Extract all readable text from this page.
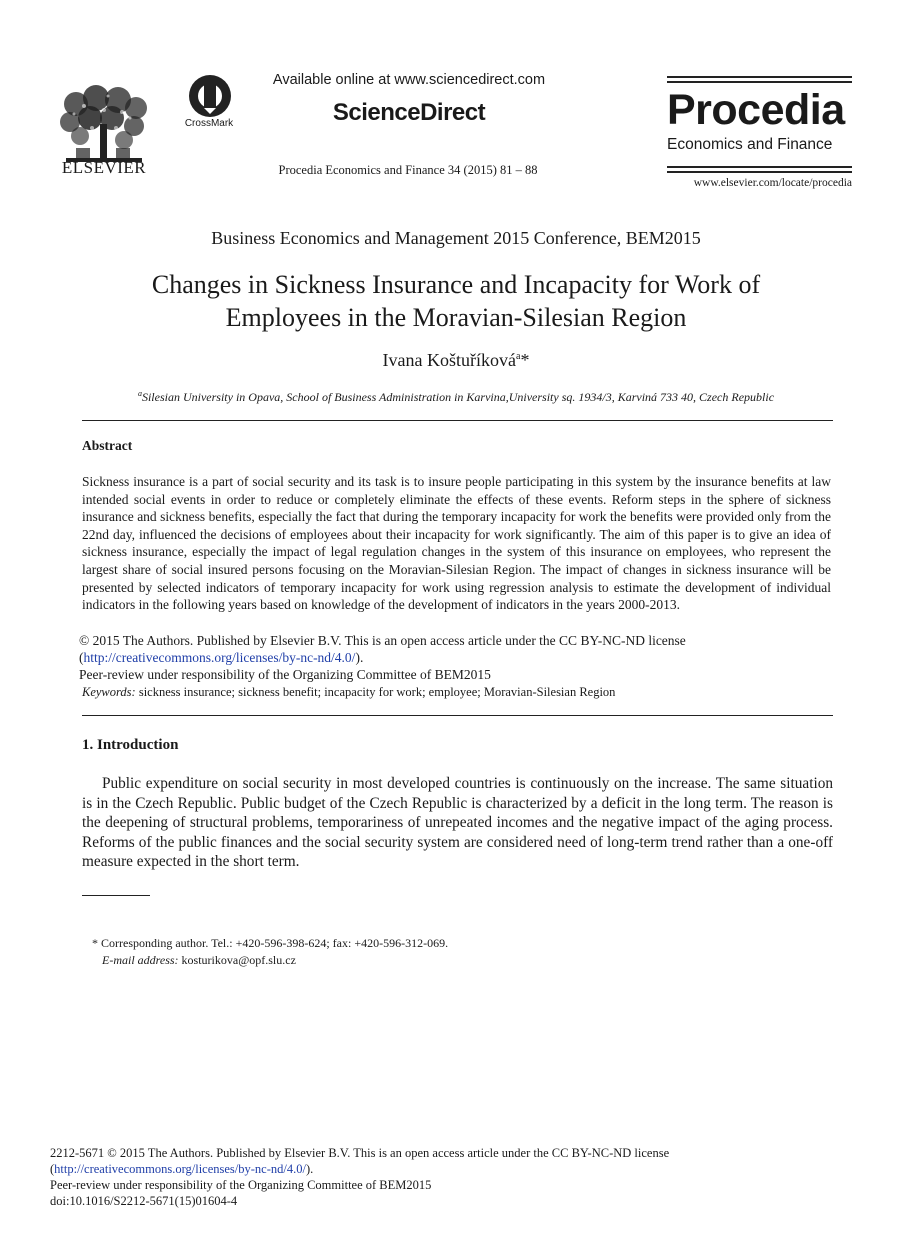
ELSEVIER
CrossMark
Available online at www.sciencedirect.com
ScienceDirect
Procedia Economics and Finance 34 (2015) 81 – 88
Procedia
Economics and Finance
www.elsevier.com/locate/procedia
Business Economics and Management 2015 Conference, BEM2015
Changes in Sickness Insurance and Incapacity for Work of
Employees in the Moravian-Silesian Region
Ivana Koštuříková$^a$*
$^a$Silesian University in Opava, School of Business Administration in Karvina,University sq. 1934/3, Karviná 733 40, Czech Republic
Abstract
Sickness insurance is a part of social security and its task is to insure people participating in this system by the insurance benefits at law intended social events in order to reduce or completely eliminate the effects of these events. Reform steps in the sphere of sickness insurance and sickness benefits, especially the fact that during the temporary incapacity for work the benefits were provided only from the 22nd day, influenced the decisions of employees about their incapacity for work significantly. The aim of this paper is to give an idea of sickness insurance, especially the impact of legal regulation changes in the system of this insurance on employees, who represent the largest share of social insured persons focusing on the Moravian-Silesian Region. The impact of changes in sickness insurance will be presented by selected indicators of temporary incapacity for work using regression analysis to estimate the development of individual indicators in the following years based on knowledge of the development of indicators in the years 2000-2013.
© 2015 The Authors. Published by Elsevier B.V. This is an open access article under the CC BY-NC-ND license
(http://creativecommons.org/licenses/by-nc-nd/4.0/).
Peer-review under responsibility of the Organizing Committee of BEM2015
Keywords: sickness insurance; sickness benefit; incapacity for work; employee; Moravian-Silesian Region
1. Introduction
Public expenditure on social security in most developed countries is continuously on the increase. The same situation is in the Czech Republic. Public budget of the Czech Republic is characterized by a deficit in the long term. The reason is the deepening of structural problems, temporariness of unrepeated incomes and the negative impact of the aging process. Reforms of the public finances and the social security system are considered need of long-term trend rather than a one-off measure expected in the short term.
* Corresponding author. Tel.: +420-596-398-624; fax: +420-596-312-069.
E-mail address: kosturikova@opf.slu.cz
2212-5671 © 2015 The Authors. Published by Elsevier B.V. This is an open access article under the CC BY-NC-ND license
(http://creativecommons.org/licenses/by-nc-nd/4.0/).
Peer-review under responsibility of the Organizing Committee of BEM2015
doi:10.1016/S2212-5671(15)01604-4
